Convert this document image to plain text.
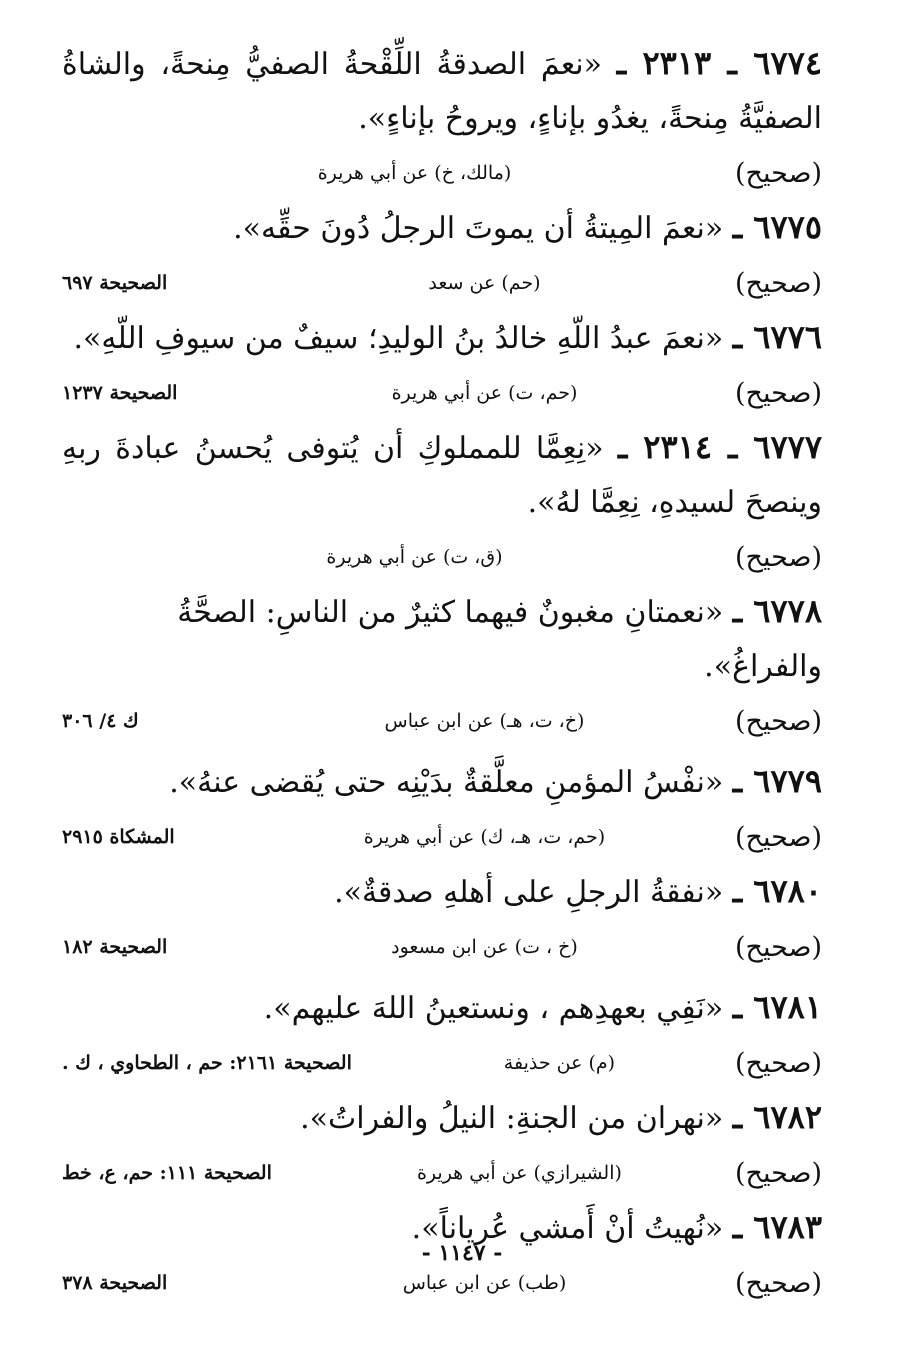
٦٧٧٤ ـ ٢٣١٣ ـ «نعمَ الصدقةُ اللِّقْحةُ الصفيُّ مِنحةً، والشاةُ الصفيَّةُ مِنحةً، يغدُو بإناءٍ، ويروحُ بإناءٍ».
(صحيح)
(مالك، خ) عن أبي هريرة
٦٧٧٥ ـ «نعمَ المِيتةُ أن يموتَ الرجلُ دُونَ حقِّه».
(صحيح)
(حم) عن سعد
الصحيحة ٦٩٧
٦٧٧٦ ـ «نعمَ عبدُ اللّهِ خالدُ بنُ الوليدِ؛ سيفٌ من سيوفِ اللّهِ».
(صحيح)
(حم، ت) عن أبي هريرة
الصحيحة ١٢٣٧
٦٧٧٧ ـ ٢٣١٤ ـ «نِعِمَّا للمملوكِ أن يُتوفى يُحسنُ عبادةَ ربهِ وينصحَ لسيدهِ، نِعِمَّا لهُ».
(صحيح)
(ق، ت) عن أبي هريرة
٦٧٧٨ ـ «نعمتانِ مغبونٌ فيهما كثيرٌ من الناسِ: الصحَّةُ والفراغُ».
(صحيح)
(خ، ت، هـ) عن ابن عباس
ك ٤/ ٣٠٦
٦٧٧٩ ـ «نفْسُ المؤمنِ معلَّقةٌ بدَيْنِه حتى يُقضى عنهُ».
(صحيح)
(حم، ت، هـ، ك) عن أبي هريرة
المشكاة ٢٩١٥
٦٧٨٠ ـ «نفقةُ الرجلِ على أهلهِ صدقةٌ».
(صحيح)
(خ ، ت) عن ابن مسعود
الصحيحة ١٨٢
٦٧٨١ ـ «نَفِي بعهدِهم ، ونستعينُ اللهَ عليهم».
(صحيح)
(م) عن حذيفة
الصحيحة ٢١٦١: حم ، الطحاوي ، ك .
٦٧٨٢ ـ «نهران من الجنةِ: النيلُ والفراتُ».
(صحيح)
(الشيرازي) عن أبي هريرة
الصحيحة ١١١: حم، ع، خط
٦٧٨٣ ـ «نُهيتُ أنْ أَمشي عُرياناً».
(صحيح)
(طب) عن ابن عباس
الصحيحة ٣٧٨
- ١١٤٧ -
